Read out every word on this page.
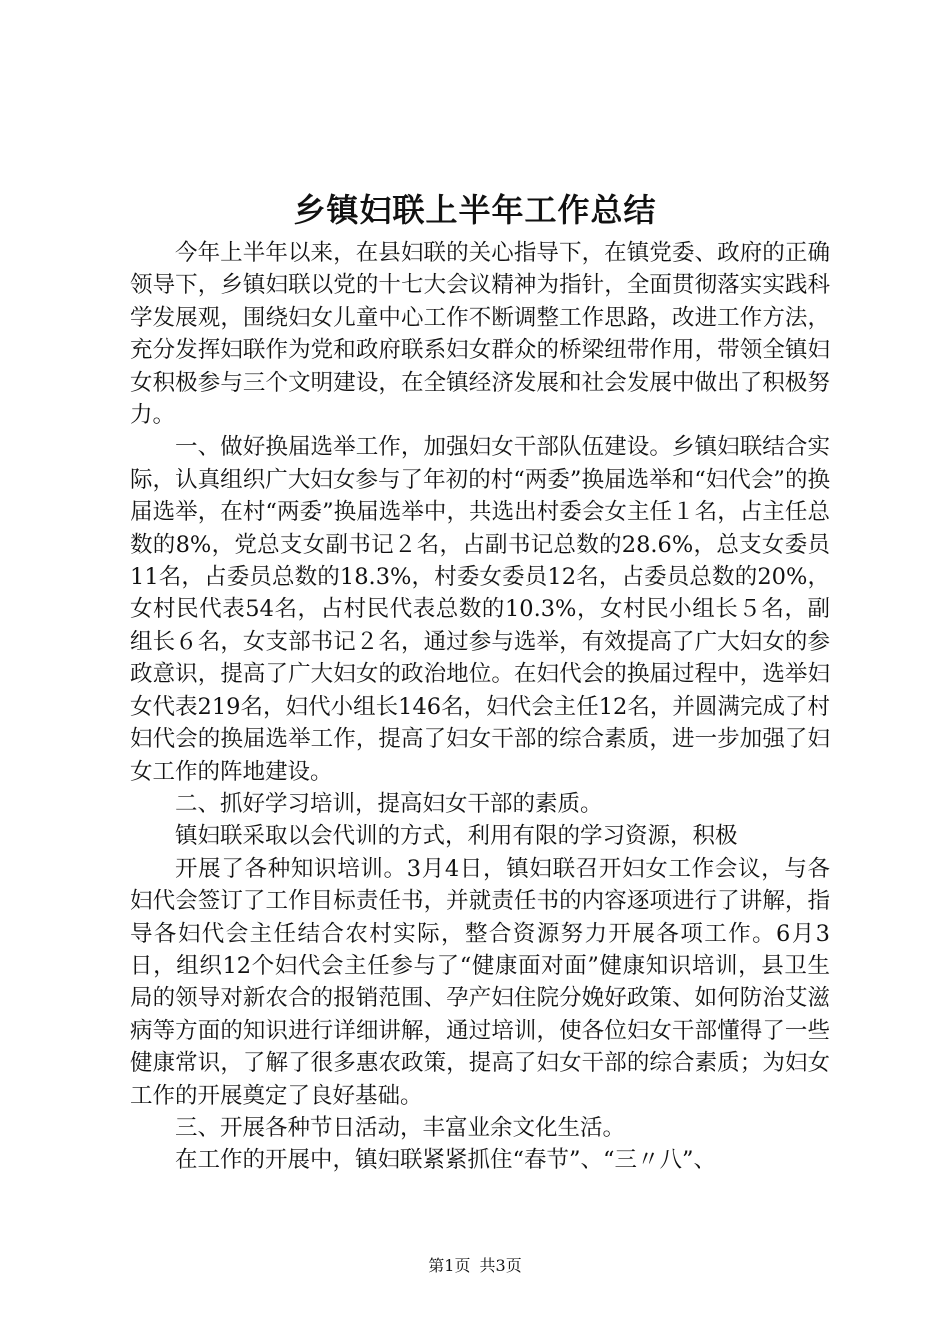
乡镇妇联上半年工作总结

今年上半年以来，在县妇联的关心指导下，在镇党委、政府的正确领导下，乡镇妇联以党的十七大会议精神为指针，全面贯彻落实实践科学发展观，围绕妇女儿童中心工作不断调整工作思路，改进工作方法，充分发挥妇联作为党和政府联系妇女群众的桥梁纽带作用，带领全镇妇女积极参与三个文明建设，在全镇经济发展和社会发展中做出了积极努力。

一、做好换届选举工作，加强妇女干部队伍建设。乡镇妇联结合实际，认真组织广大妇女参与了年初的村“两委”换届选举和“妇代会”的换届选举，在村“两委”换届选举中，共选出村委会女主任１名，占主任总数的8%，党总支女副书记２名，占副书记总数的28.6%，总支女委员11名，占委员总数的18.3%，村委女委员12名，占委员总数的20%，女村民代表54名，占村民代表总数的10.3%，女村民小组长５名，副组长６名，女支部书记２名，通过参与选举，有效提高了广大妇女的参政意识，提高了广大妇女的政治地位。在妇代会的换届过程中，选举妇女代表219名，妇代小组长146名，妇代会主任12名，并圆满完成了村妇代会的换届选举工作，提高了妇女干部的综合素质，进一步加强了妇女工作的阵地建设。

二、抓好学习培训，提高妇女干部的素质。

镇妇联采取以会代训的方式，利用有限的学习资源，积极

开展了各种知识培训。3月4日，镇妇联召开妇女工作会议，与各妇代会签订了工作目标责任书，并就责任书的内容逐项进行了讲解，指导各妇代会主任结合农村实际，整合资源努力开展各项工作。6月3日，组织12个妇代会主任参与了“健康面对面”健康知识培训，县卫生局的领导对新农合的报销范围、孕产妇住院分娩好政策、如何防治艾滋病等方面的知识进行详细讲解，通过培训，使各位妇女干部懂得了一些健康常识，了解了很多惠农政策，提高了妇女干部的综合素质；为妇女工作的开展奠定了良好基础。

三、开展各种节日活动，丰富业余文化生活。

在工作的开展中，镇妇联紧紧抓住“春节”、“三〃八”、

第1页 共3页
